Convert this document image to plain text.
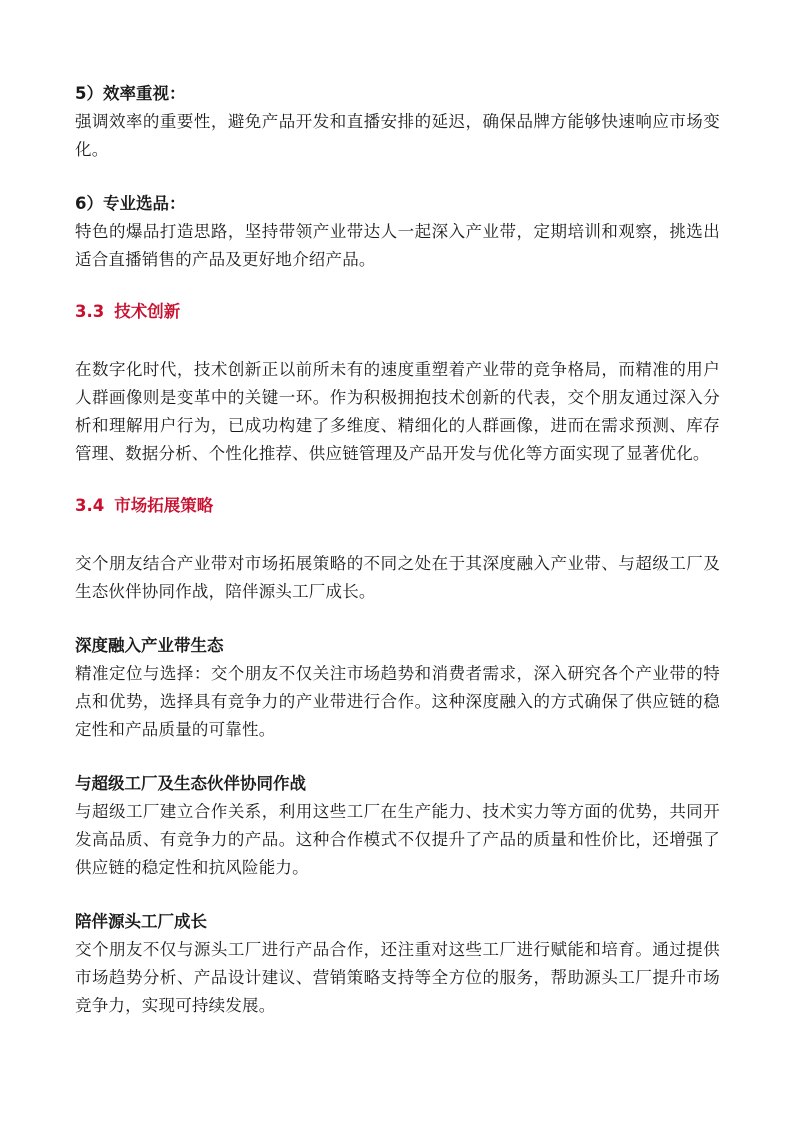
5）效率重视：

强调效率的重要性，避免产品开发和直播安排的延迟，确保品牌方能够快速响应市场变化。

6）专业选品：

特色的爆品打造思路，坚持带领产业带达人一起深入产业带，定期培训和观察，挑选出适合直播销售的产品及更好地介绍产品。

3.3 技术创新

在数字化时代，技术创新正以前所未有的速度重塑着产业带的竞争格局，而精准的用户人群画像则是变革中的关键一环。作为积极拥抱技术创新的代表，交个朋友通过深入分析和理解用户行为，已成功构建了多维度、精细化的人群画像，进而在需求预测、库存管理、数据分析、个性化推荐、供应链管理及产品开发与优化等方面实现了显著优化。

3.4 市场拓展策略

交个朋友结合产业带对市场拓展策略的不同之处在于其深度融入产业带、与超级工厂及生态伙伴协同作战，陪伴源头工厂成长。

深度融入产业带生态

精准定位与选择：交个朋友不仅关注市场趋势和消费者需求，深入研究各个产业带的特点和优势，选择具有竞争力的产业带进行合作。这种深度融入的方式确保了供应链的稳定性和产品质量的可靠性。

与超级工厂及生态伙伴协同作战

与超级工厂建立合作关系，利用这些工厂在生产能力、技术实力等方面的优势，共同开发高品质、有竞争力的产品。这种合作模式不仅提升了产品的质量和性价比，还增强了供应链的稳定性和抗风险能力。

陪伴源头工厂成长

交个朋友不仅与源头工厂进行产品合作，还注重对这些工厂进行赋能和培育。通过提供市场趋势分析、产品设计建议、营销策略支持等全方位的服务，帮助源头工厂提升市场竞争力，实现可持续发展。
